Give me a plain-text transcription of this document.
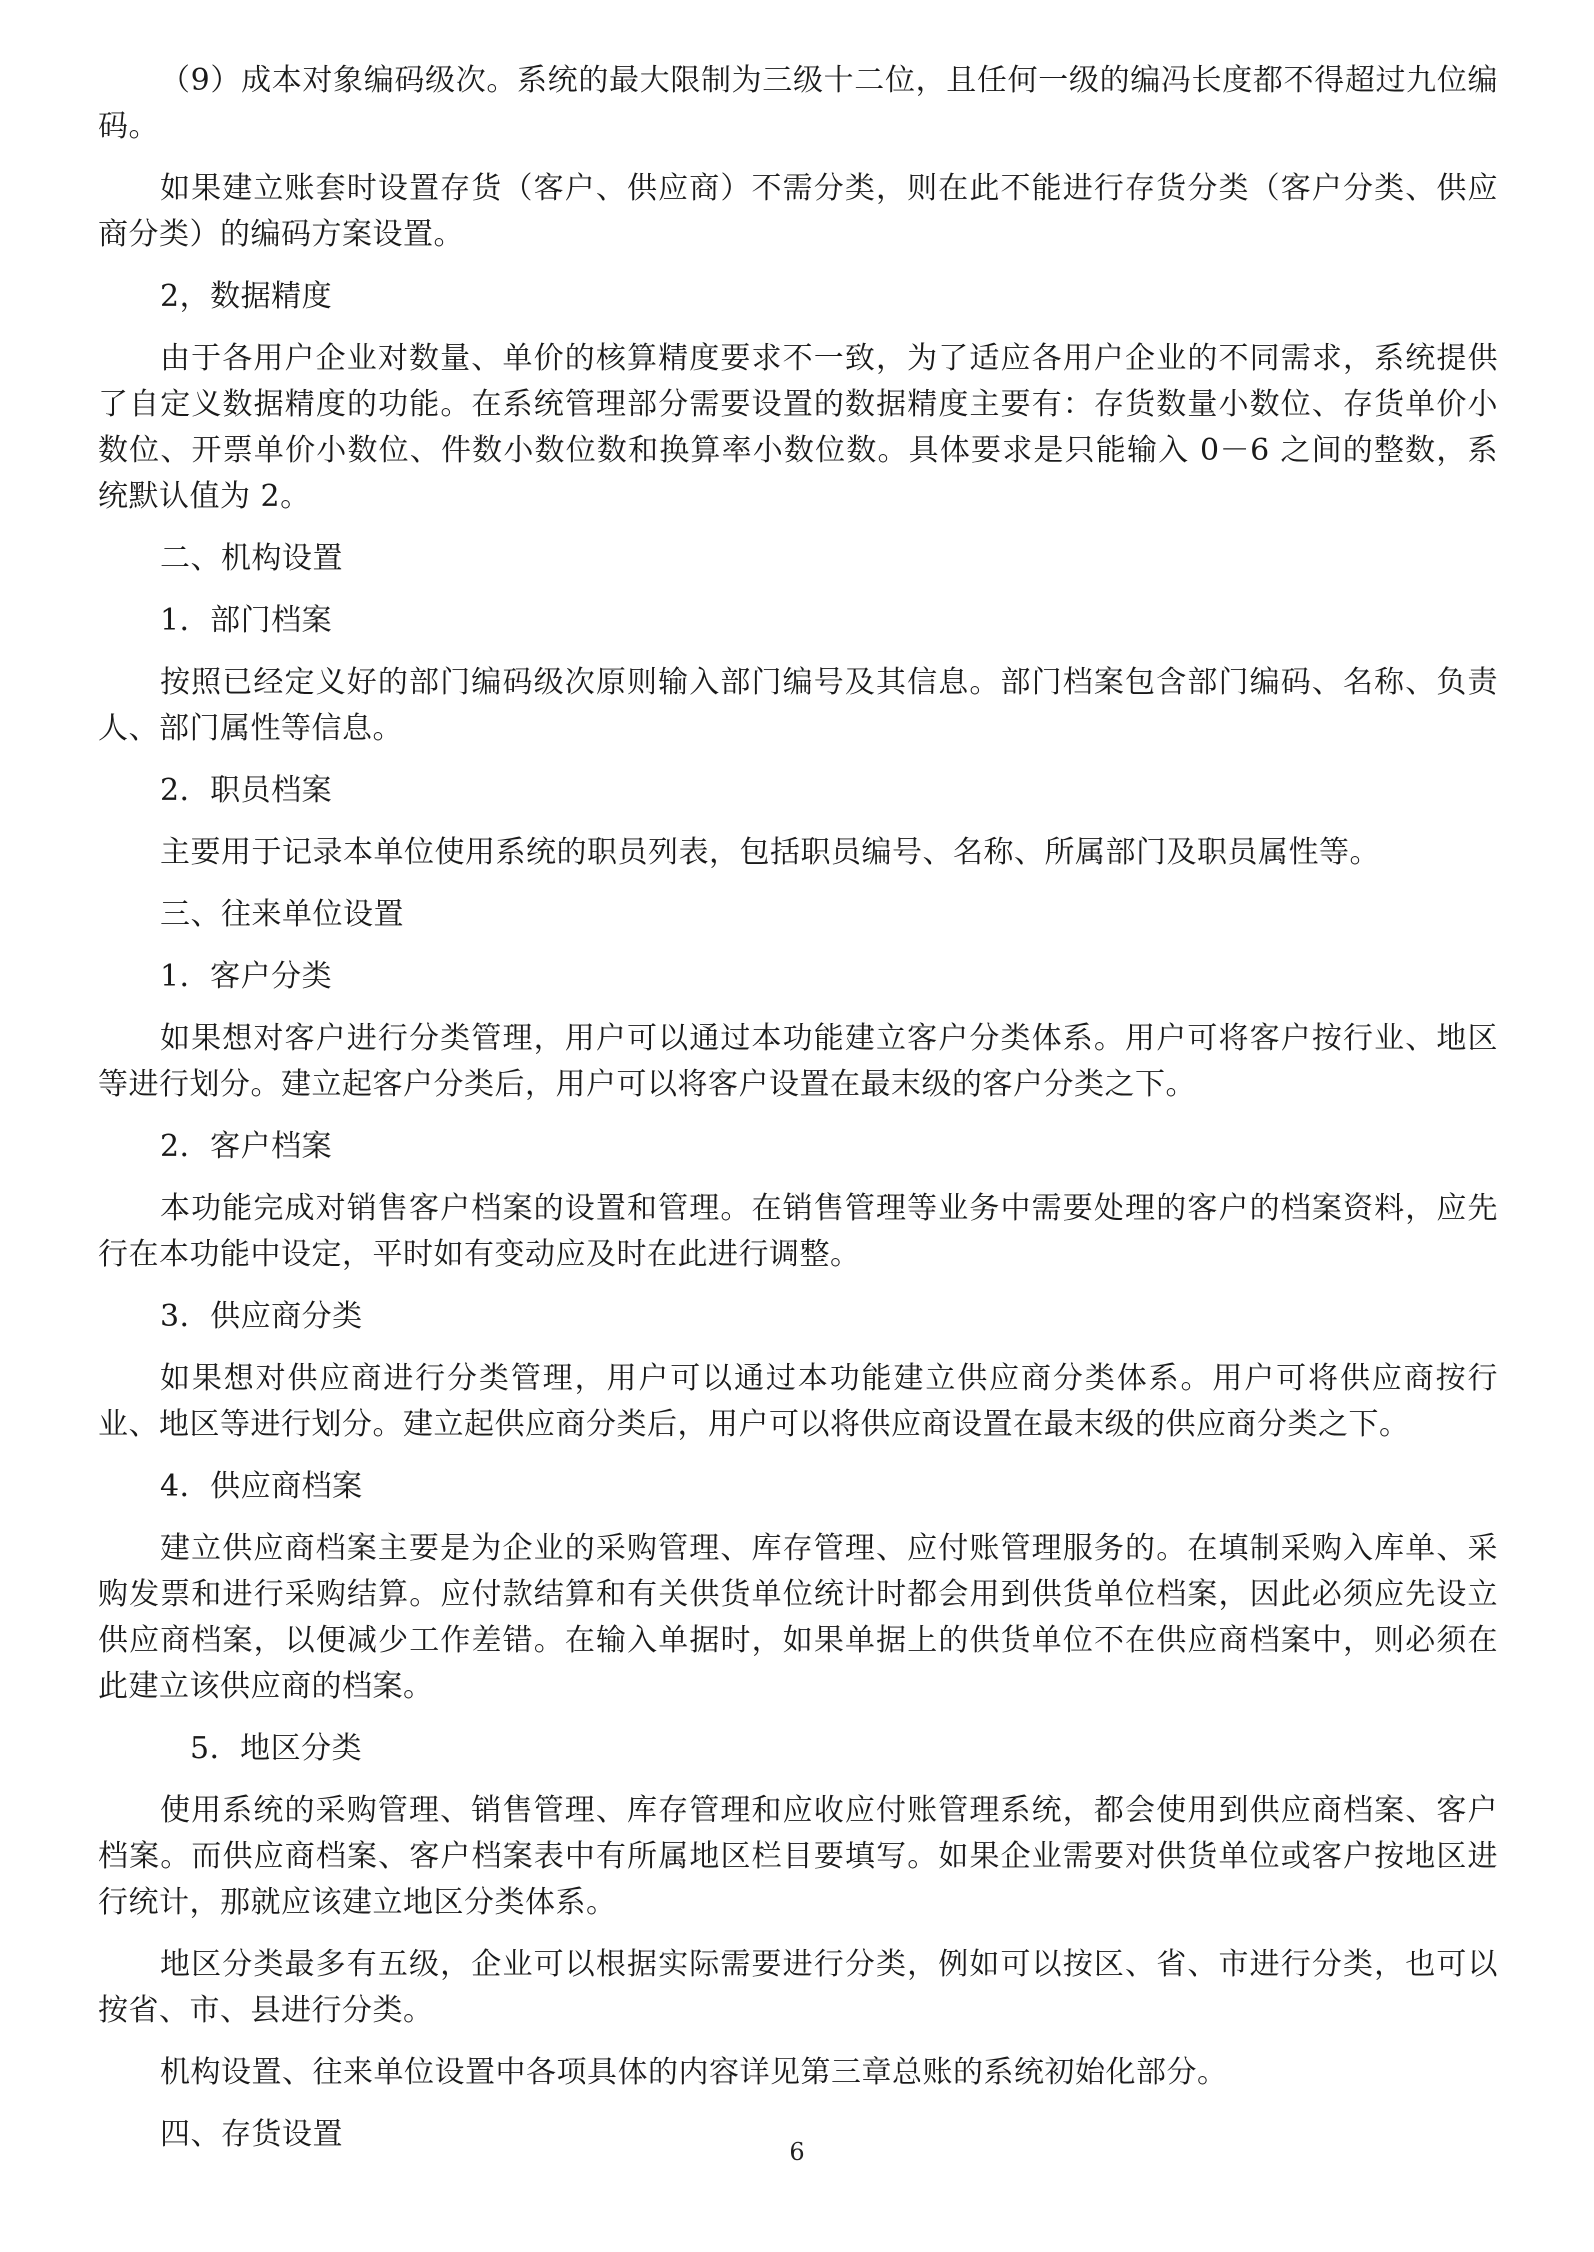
（9）成本对象编码级次。系统的最大限制为三级十二位，且任何一级的编冯长度都不得超过九位编码。

如果建立账套时设置存货（客户、供应商）不需分类，则在此不能进行存货分类（客户分类、供应商分类）的编码方案设置。

2，数据精度

由于各用户企业对数量、单价的核算精度要求不一致，为了适应各用户企业的不同需求，系统提供了自定义数据精度的功能。在系统管理部分需要设置的数据精度主要有：存货数量小数位、存货单价小数位、开票单价小数位、件数小数位数和换算率小数位数。具体要求是只能输入 0－6 之间的整数，系统默认值为 2。

二、机构设置

1．部门档案

按照已经定义好的部门编码级次原则输入部门编号及其信息。部门档案包含部门编码、名称、负责人、部门属性等信息。

2．职员档案

主要用于记录本单位使用系统的职员列表，包括职员编号、名称、所属部门及职员属性等。

三、往来单位设置

1．客户分类

如果想对客户进行分类管理，用户可以通过本功能建立客户分类体系。用户可将客户按行业、地区等进行划分。建立起客户分类后，用户可以将客户设置在最末级的客户分类之下。

2．客户档案

本功能完成对销售客户档案的设置和管理。在销售管理等业务中需要处理的客户的档案资料，应先行在本功能中设定，平时如有变动应及时在此进行调整。

3．供应商分类

如果想对供应商进行分类管理，用户可以通过本功能建立供应商分类体系。用户可将供应商按行业、地区等进行划分。建立起供应商分类后，用户可以将供应商设置在最末级的供应商分类之下。

4．供应商档案

建立供应商档案主要是为企业的采购管理、库存管理、应付账管理服务的。在填制采购入库单、采购发票和进行采购结算。应付款结算和有关供货单位统计时都会用到供货单位档案，因此必须应先设立供应商档案，以便减少工作差错。在输入单据时，如果单据上的供货单位不在供应商档案中，则必须在此建立该供应商的档案。

5．地区分类

使用系统的采购管理、销售管理、库存管理和应收应付账管理系统，都会使用到供应商档案、客户档案。而供应商档案、客户档案表中有所属地区栏目要填写。如果企业需要对供货单位或客户按地区进行统计，那就应该建立地区分类体系。

地区分类最多有五级，企业可以根据实际需要进行分类，例如可以按区、省、市进行分类，也可以按省、市、县进行分类。

机构设置、往来单位设置中各项具体的内容详见第三章总账的系统初始化部分。

四、存货设置	6
